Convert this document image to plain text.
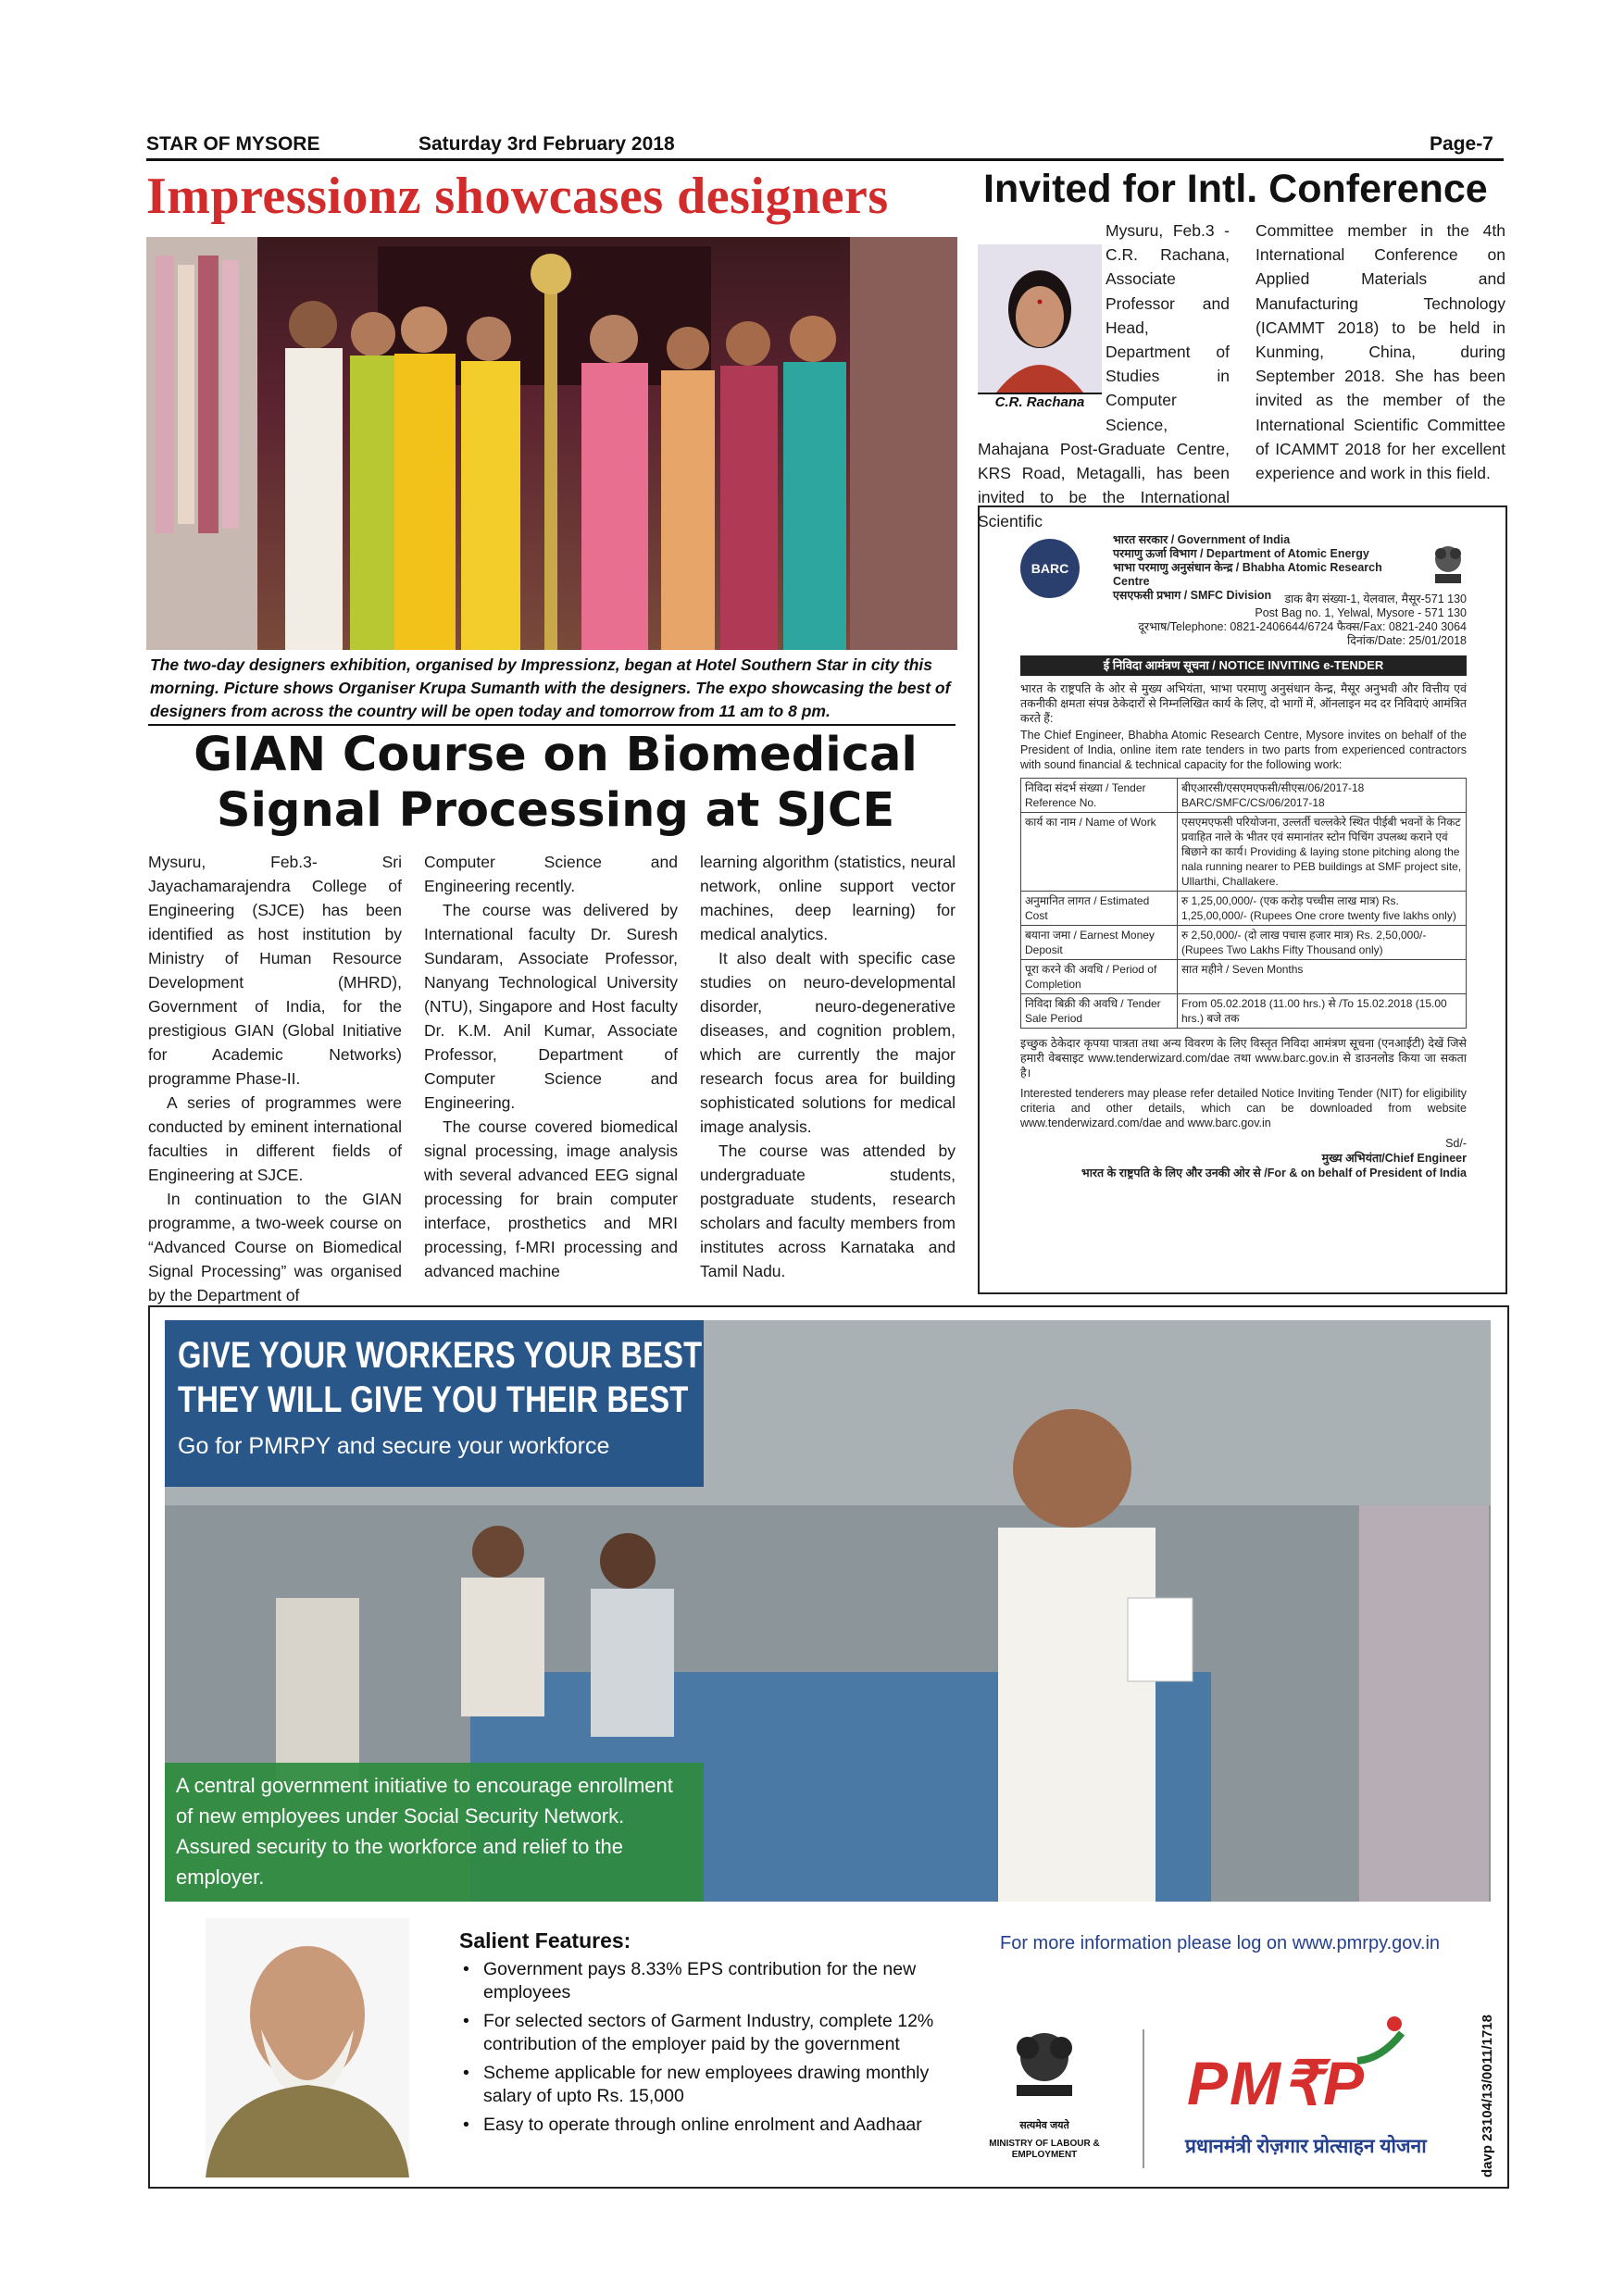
STAR OF MYSORE	Saturday 3rd February 2018	Page-7
Impressionz showcases designers
The two-day designers exhibition, organised by Impressionz, began at Hotel Southern Star in city this morning. Picture shows Organiser Krupa Sumanth with the designers. The expo showcasing the best of designers from across the country will be open today and tomorrow from 11 am to 8 pm.
Invited for Intl. Conference
C.R. Rachana
Mysuru, Feb.3 - C.R. Rachana, Associate Professor and Head, Department of Studies in Computer Science, Mahajana Post-Graduate Centre, KRS Road, Metagalli, has been invited to be the International Scientific
Committee member in the 4th International Conference on Applied Materials and Manufacturing Technology (ICAMMT 2018) to be held in Kunming, China, during September 2018. She has been invited as the member of the International Scientific Committee of ICAMMT 2018 for her excellent experience and work in this field.
GIAN Course on Biomedical Signal Processing at SJCE

Mysuru, Feb.3- Sri Jayachamarajendra College of Engineering (SJCE) has been identified as host institution by Ministry of Human Resource Development (MHRD), Government of India, for the prestigious GIAN (Global Initiative for Academic Networks) programme Phase-II.

A series of programmes were conducted by eminent international faculties in different fields of Engineering at SJCE.

In continuation to the GIAN programme, a two-week course on “Advanced Course on Biomedical Signal Processing” was organised by the Department of

Computer Science and Engineering recently.

The course was delivered by International faculty Dr. Suresh Sundaram, Associate Professor, Nanyang Technological University (NTU), Singapore and Host faculty Dr. K.M. Anil Kumar, Associate Professor, Department of Computer Science and Engineering.

The course covered biomedical signal processing, image analysis with several advanced EEG signal processing for brain computer interface, prosthetics and MRI processing, f-MRI processing and advanced machine

learning algorithm (statistics, neural network, online support vector machines, deep learning) for medical analytics.

It also dealt with specific case studies on neuro-developmental disorder, neuro-degenerative diseases, and cognition problem, which are currently the major research focus area for building sophisticated solutions for medical image analysis.

The course was attended by undergraduate students, postgraduate students, research scholars and faculty members from institutes across Karnataka and Tamil Nadu.

BARC
भारत सरकार / Government of India
परमाणु ऊर्जा विभाग / Department of Atomic Energy
भाभा परमाणु अनुसंधान केन्द्र / Bhabha Atomic Research Centre
एसएफसी प्रभाग / SMFC Division	डाक बैग संख्या-1, येलवाल, मैसूर-571 130
Post Bag no. 1, Yelwal, Mysore - 571 130
दूरभाष/Telephone: 0821-2406644/6724 फैक्स/Fax: 0821-240 3064
दिनांक/Date: 25/01/2018
ई निविदा आमंत्रण सूचना / NOTICE INVITING e-TENDER
भारत के राष्ट्रपति के ओर से मुख्य अभियंता, भाभा परमाणु अनुसंधान केन्द्र, मैसूर अनुभवी और वित्तीय एवं तकनीकी क्षमता संपन्न ठेकेदारों से निम्नलिखित कार्य के लिए, दो भागों में, ऑनलाइन मद दर निविदाएं आमंत्रित करते हैं:
The Chief Engineer, Bhabha Atomic Research Centre, Mysore invites on behalf of the President of India, online item rate tenders in two parts from experienced contractors with sound financial & technical capacity for the following work:
निविदा संदर्भ संख्या / Tender Reference No.	बीएआरसी/एसएमएफसी/सीएस/06/2017-18 BARC/SMFC/CS/06/2017-18
कार्य का नाम / Name of Work	एसएमएफसी परियोजना, उल्लर्ती चल्लकेरे स्थित पीईबी भवनों के निकट प्रवाहित नाले के भीतर एवं समानांतर स्टोन पिचिंग उपलब्ध कराने एवं बिछाने का कार्य। Providing & laying stone pitching along the nala running nearer to PEB buildings at SMF project site, Ullarthi, Challakere.
अनुमानित लागत / Estimated Cost	रु 1,25,00,000/- (एक करोड़ पच्चीस लाख मात्र) Rs. 1,25,00,000/- (Rupees One crore twenty five lakhs only)
बयाना जमा / Earnest Money Deposit	रु 2,50,000/- (दो लाख पचास हजार मात्र) Rs. 2,50,000/- (Rupees Two Lakhs Fifty Thousand only)
पूरा करने की अवधि / Period of Completion	सात महीने / Seven Months
निविदा बिक्री की अवधि / Tender Sale Period	From 05.02.2018 (11.00 hrs.) से /To 15.02.2018 (15.00 hrs.) बजे तक
इच्छुक ठेकेदार कृपया पात्रता तथा अन्य विवरण के लिए विस्तृत निविदा आमंत्रण सूचना (एनआईटी) देखें जिसे हमारी वेबसाइट www.tenderwizard.com/dae तथा www.barc.gov.in से डाउनलोड किया जा सकता है।
Interested tenderers may please refer detailed Notice Inviting Tender (NIT) for eligibility criteria and other details, which can be downloaded from website www.tenderwizard.com/dae and www.barc.gov.in
Sd/-
मुख्य अभियंता/Chief Engineer
भारत के राष्ट्रपति के लिए और उनकी ओर से /For & on behalf of President of India
GIVE YOUR WORKERS YOUR BEST
THEY WILL GIVE YOU THEIR BEST
Go for PMRPY and secure your workforce
A central government initiative to encourage enrollment of new employees under Social Security Network. Assured security to the workforce and relief to the employer.
Salient Features:
• Government pays 8.33% EPS contribution for the new employees
• For selected sectors of Garment Industry, complete 12% contribution of the employer paid by the government
• Scheme applicable for new employees drawing monthly salary of upto Rs. 15,000
• Easy to operate through online enrolment and Aadhaar
For more information please log on www.pmrpy.gov.in
सत्यमेव जयते
MINISTRY OF LABOUR & EMPLOYMENT
PM₹P
प्रधानमंत्री रोज़गार प्रोत्साहन योजना	davp 23104/13/0011/1718
